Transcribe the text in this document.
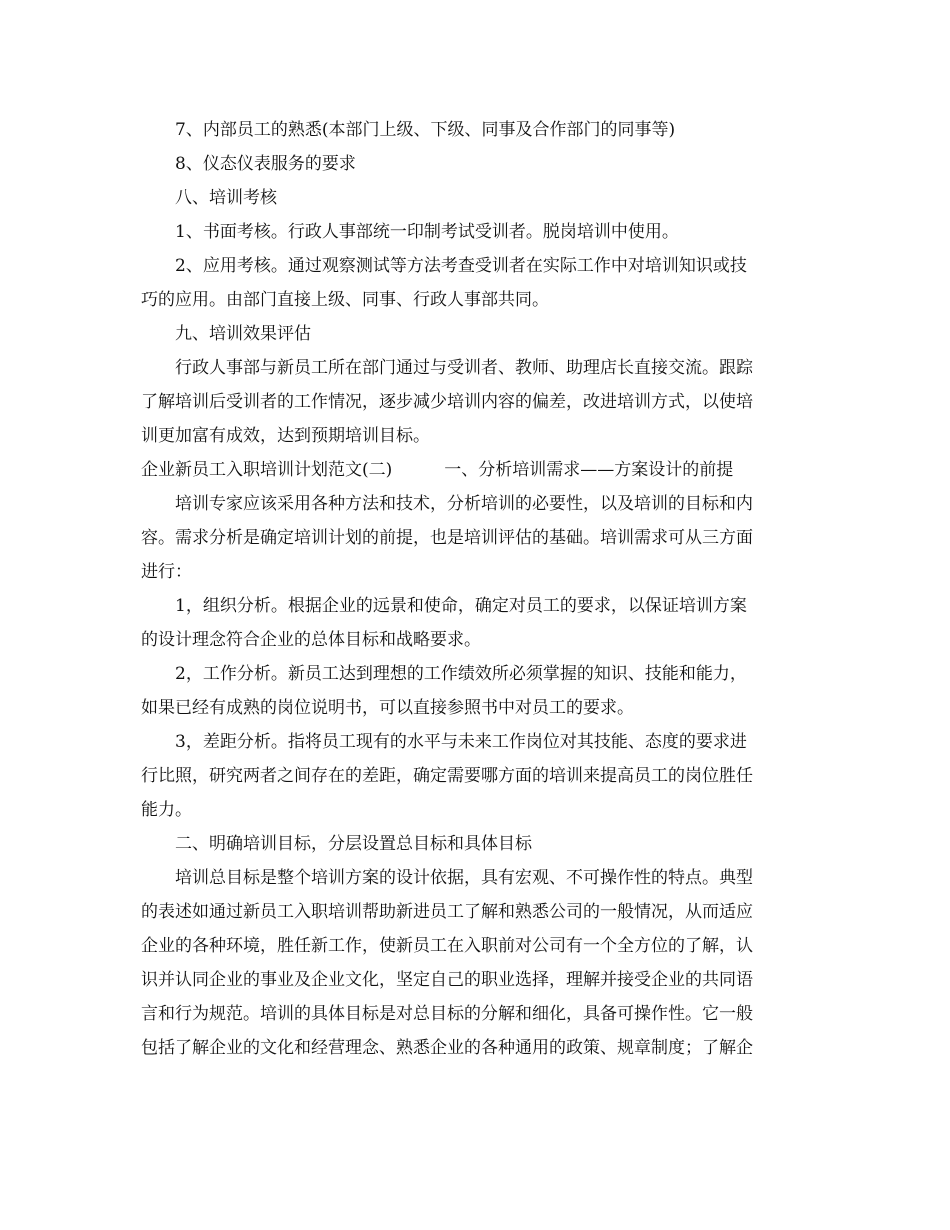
7、内部员工的熟悉(本部门上级、下级、同事及合作部门的同事等)
8、仪态仪表服务的要求
八、培训考核
1、书面考核。行政人事部统一印制考试受训者。脱岗培训中使用。
2、应用考核。通过观察测试等方法考查受训者在实际工作中对培训知识或技
巧的应用。由部门直接上级、同事、行政人事部共同。
九、培训效果评估
行政人事部与新员工所在部门通过与受训者、教师、助理店长直接交流。跟踪
了解培训后受训者的工作情况，逐步减少培训内容的偏差，改进培训方式，以使培
训更加富有成效，达到预期培训目标。
企业新员工入职培训计划范文(二)	一、分析培训需求——方案设计的前提
培训专家应该采用各种方法和技术，分析培训的必要性，以及培训的目标和内
容。需求分析是确定培训计划的前提，也是培训评估的基础。培训需求可从三方面
进行：
1，组织分析。根据企业的远景和使命，确定对员工的要求，以保证培训方案
的设计理念符合企业的总体目标和战略要求。
2，工作分析。新员工达到理想的工作绩效所必须掌握的知识、技能和能力，
如果已经有成熟的岗位说明书，可以直接参照书中对员工的要求。
3，差距分析。指将员工现有的水平与未来工作岗位对其技能、态度的要求进
行比照，研究两者之间存在的差距，确定需要哪方面的培训来提高员工的岗位胜任
能力。
二、明确培训目标，分层设置总目标和具体目标
培训总目标是整个培训方案的设计依据，具有宏观、不可操作性的特点。典型
的表述如通过新员工入职培训帮助新进员工了解和熟悉公司的一般情况，从而适应
企业的各种环境，胜任新工作，使新员工在入职前对公司有一个全方位的了解，认
识并认同企业的事业及企业文化，坚定自己的职业选择，理解并接受企业的共同语
言和行为规范。培训的具体目标是对总目标的分解和细化，具备可操作性。它一般
包括了解企业的文化和经营理念、熟悉企业的各种通用的政策、规章制度；了解企
